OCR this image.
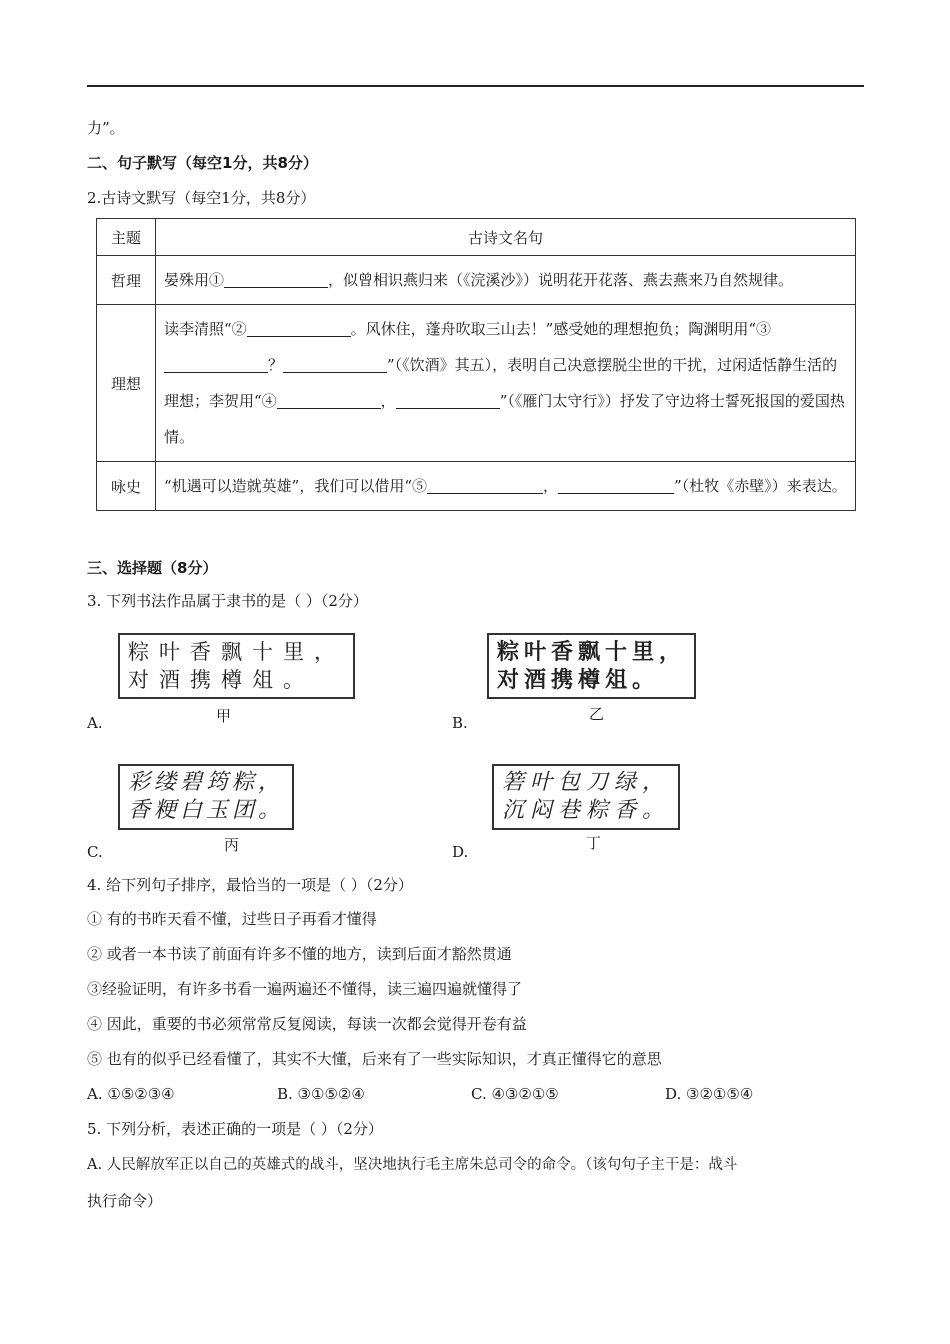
力”。
二、句子默写（每空1分，共8分）
2.古诗文默写（每空1分，共8分）
主题	古诗文名句
哲理	晏殊用① ，似曾相识燕归来（《浣溪沙》）说明花开花落、燕去燕来乃自然规律。
理想	读李清照“② 。风休住，蓬舟吹取三山去！”感受她的理想抱负；陶渊明用“③？ ”（《饮酒》其五），表明自己决意摆脱尘世的干扰，过闲适恬静生活的理想；李贺用“④ ， ”（《雁门太守行》）抒发了守边将士誓死报国的爱国热情。
咏史	“机遇可以造就英雄”，我们可以借用“⑤ ， ”（杜牧《赤壁》）来表达。
三、选择题（8分）
3. 下列书法作品属于隶书的是（ ）（2分）
粽叶香飘十里，
对酒携樽俎。
甲
A.
粽叶香飘十里，
对酒携樽俎。
乙
B.
彩缕碧筠粽，
香粳白玉团。
丙
C.
箬叶包刀绿，
沉闷巷粽香。
丁
D.
4. 给下列句子排序，最恰当的一项是（ ）（2分）
① 有的书昨天看不懂，过些日子再看才懂得
② 或者一本书读了前面有许多不懂的地方，读到后面才豁然贯通
③经验证明，有许多书看一遍两遍还不懂得，读三遍四遍就懂得了
④ 因此，重要的书必须常常反复阅读，每读一次都会觉得开卷有益
⑤ 也有的似乎已经看懂了，其实不大懂，后来有了一些实际知识，才真正懂得它的意思
A. ①⑤②③④	B. ③①⑤②④	C. ④③②①⑤	D. ③②①⑤④
5. 下列分析，表述正确的一项是（ ）（2分）
A. 人民解放军正以自己的英雄式的战斗，坚决地执行毛主席朱总司令的命令。（该句句子主干是：战斗
执行命令）
